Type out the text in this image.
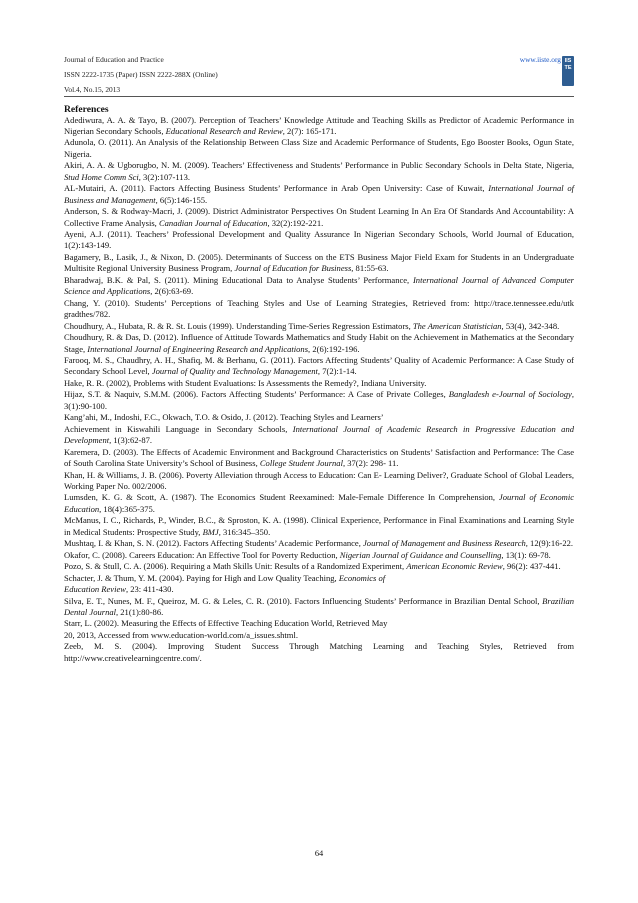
Journal of Education and Practice
ISSN 2222-1735 (Paper) ISSN 2222-288X (Online)
Vol.4, No.15, 2013
www.iiste.org IISTE
References
Adediwura, A. A. & Tayo, B. (2007). Perception of Teachers’ Knowledge Attitude and Teaching Skills as Predictor of Academic Performance in Nigerian Secondary Schools, Educational Research and Review, 2(7): 165-171.
Adunola, O. (2011). An Analysis of the Relationship Between Class Size and Academic Performance of Students, Ego Booster Books, Ogun State, Nigeria.
Akiri, A. A. & Ugborugbo, N. M. (2009). Teachers’ Effectiveness and Students’ Performance in Public Secondary Schools in Delta State, Nigeria, Stud Home Comm Sci, 3(2):107-113.
AL-Mutairi, A. (2011). Factors Affecting Business Students’ Performance in Arab Open University: Case of Kuwait, International Journal of Business and Management, 6(5):146-155.
Anderson, S. & Rodway-Macri, J. (2009). District Administrator Perspectives On Student Learning In An Era Of Standards And Accountability: A Collective Frame Analysis, Canadian Journal of Education, 32(2):192-221.
Ayeni, A.J. (2011). Teachers’ Professional Development and Quality Assurance In Nigerian Secondary Schools, World Journal of Education, 1(2):143-149.
Bagamery, B., Lasik, J., & Nixon, D. (2005). Determinants of Success on the ETS Business Major Field Exam for Students in an Undergraduate Multisite Regional University Business Program, Journal of Education for Business, 81:55-63.
Bharadwaj, B.K. & Pal, S. (2011). Mining Educational Data to Analyse Students’ Performance, International Journal of Advanced Computer Science and Applications, 2(6):63-69.
Chang, Y. (2010). Students’ Perceptions of Teaching Styles and Use of Learning Strategies, Retrieved from: http://trace.tennessee.edu/utk gradthes/782.
Choudhury, A., Hubata, R. & R. St. Louis (1999). Understanding Time-Series Regression Estimators, The American Statistician, 53(4), 342-348.
Choudhury, R. & Das, D. (2012). Influence of Attitude Towards Mathematics and Study Habit on the Achievement in Mathematics at the Secondary Stage, International Journal of Engineering Research and Applications, 2(6):192-196.
Farooq, M. S., Chaudhry, A. H., Shafiq, M. & Berhanu, G. (2011). Factors Affecting Students’ Quality of Academic Performance: A Case Study of Secondary School Level, Journal of Quality and Technology Management, 7(2):1-14.
Hake, R. R. (2002), Problems with Student Evaluations: Is Assessments the Remedy?, Indiana University.
Hijaz, S.T. & Naquiv, S.M.M. (2006). Factors Affecting Students’ Performance: A Case of Private Colleges, Bangladesh e-Journal of Sociology, 3(1):90-100.
Kang’ahi, M., Indoshi, F.C., Okwach, T.O. & Osido, J. (2012). Teaching Styles and Learners’
Achievement in Kiswahili Language in Secondary Schools, International Journal of Academic Research in Progressive Education and Development, 1(3):62-87.
Karemera, D. (2003). The Effects of Academic Environment and Background Characteristics on Students’ Satisfaction and Performance: The Case of South Carolina State University’s School of Business, College Student Journal, 37(2): 298- 11.
Khan, H. & Williams, J. B. (2006). Poverty Alleviation through Access to Education: Can E- Learning Deliver?, Graduate School of Global Leaders, Working Paper No. 002/2006.
Lumsden, K. G. & Scott, A. (1987). The Economics Student Reexamined: Male-Female Difference In Comprehension, Journal of Economic Education, 18(4):365-375.
McManus, I. C., Richards, P., Winder, B.C., & Sproston, K. A. (1998). Clinical Experience, Performance in Final Examinations and Learning Style in Medical Students: Prospective Study, BMJ, 316:345–350.
Mushtaq, I. & Khan, S. N. (2012). Factors Affecting Students’ Academic Performance, Journal of Management and Business Research, 12(9):16-22.
Okafor, C. (2008). Careers Education: An Effective Tool for Poverty Reduction, Nigerian Journal of Guidance and Counselling, 13(1): 69-78.
Pozo, S. & Stull, C. A. (2006). Requiring a Math Skills Unit: Results of a Randomized Experiment, American Economic Review, 96(2): 437-441.
Schacter, J. & Thum, Y. M. (2004). Paying for High and Low Quality Teaching, Economics of
Education Review, 23: 411-430.
Silva, E. T., Nunes, M. F., Queiroz, M. G. & Leles, C. R. (2010). Factors Influencing Students’ Performance in Brazilian Dental School, Brazilian Dental Journal, 21(1):80-86.
Starr, L. (2002). Measuring the Effects of Effective Teaching Education World, Retrieved May
20, 2013, Accessed from www.education-world.com/a_issues.shtml.
Zeeb, M. S. (2004). Improving Student Success Through Matching Learning and Teaching Styles, Retrieved from http://www.creativelearningcentre.com/.
64
